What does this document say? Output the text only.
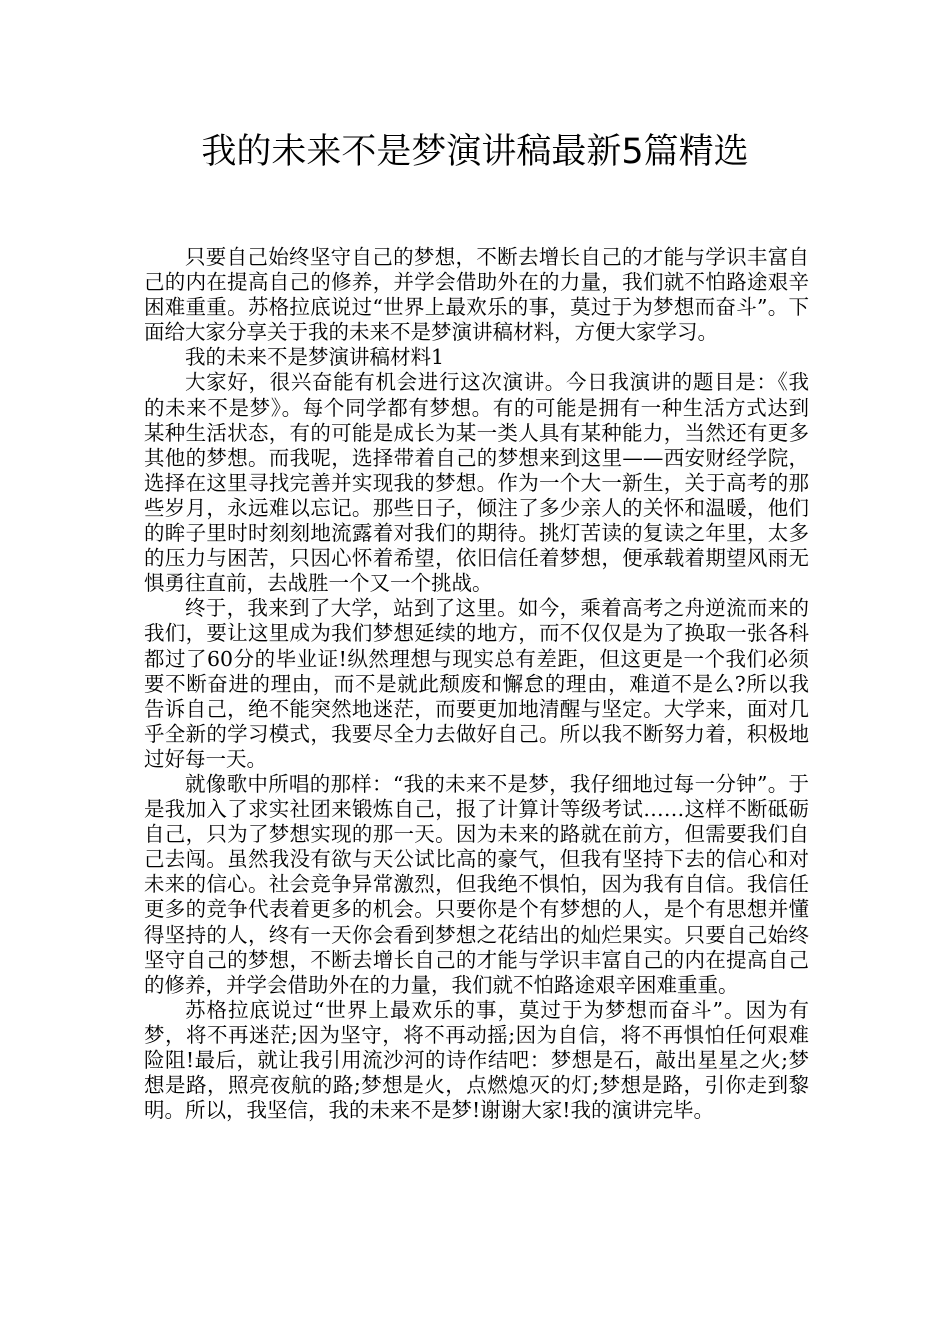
我的未来不是梦演讲稿最新5篇精选

只要自己始终坚守自己的梦想，不断去增长自己的才能与学识丰富自己的内在提高自己的修养，并学会借助外在的力量，我们就不怕路途艰辛困难重重。苏格拉底说过“世界上最欢乐的事，莫过于为梦想而奋斗”。下面给大家分享关于我的未来不是梦演讲稿材料，方便大家学习。

我的未来不是梦演讲稿材料1

大家好，很兴奋能有机会进行这次演讲。今日我演讲的题目是：《我的未来不是梦》。每个同学都有梦想。有的可能是拥有一种生活方式达到某种生活状态，有的可能是成长为某一类人具有某种能力，当然还有更多其他的梦想。而我呢，选择带着自己的梦想来到这里——西安财经学院，选择在这里寻找完善并实现我的梦想。作为一个大一新生，关于高考的那些岁月，永远难以忘记。那些日子，倾注了多少亲人的关怀和温暖，他们的眸子里时时刻刻地流露着对我们的期待。挑灯苦读的复读之年里，太多的压力与困苦，只因心怀着希望，依旧信任着梦想，便承载着期望风雨无惧勇往直前，去战胜一个又一个挑战。

终于，我来到了大学，站到了这里。如今，乘着高考之舟逆流而来的我们，要让这里成为我们梦想延续的地方，而不仅仅是为了换取一张各科都过了60分的毕业证!纵然理想与现实总有差距，但这更是一个我们必须要不断奋进的理由，而不是就此颓废和懈怠的理由，难道不是么?所以我告诉自己，绝不能突然地迷茫，而要更加地清醒与坚定。大学来，面对几乎全新的学习模式，我要尽全力去做好自己。所以我不断努力着，积极地过好每一天。

就像歌中所唱的那样：“我的未来不是梦，我仔细地过每一分钟”。于是我加入了求实社团来锻炼自己，报了计算计等级考试……这样不断砥砺自己，只为了梦想实现的那一天。因为未来的路就在前方，但需要我们自己去闯。虽然我没有欲与天公试比高的豪气，但我有坚持下去的信心和对未来的信心。社会竞争异常激烈，但我绝不惧怕，因为我有自信。我信任更多的竞争代表着更多的机会。只要你是个有梦想的人，是个有思想并懂得坚持的人，终有一天你会看到梦想之花结出的灿烂果实。只要自己始终坚守自己的梦想，不断去增长自己的才能与学识丰富自己的内在提高自己的修养，并学会借助外在的力量，我们就不怕路途艰辛困难重重。

苏格拉底说过“世界上最欢乐的事，莫过于为梦想而奋斗”。因为有梦，将不再迷茫;因为坚守，将不再动摇;因为自信，将不再惧怕任何艰难险阻!最后，就让我引用流沙河的诗作结吧：梦想是石，敲出星星之火;梦想是路，照亮夜航的路;梦想是火，点燃熄灭的灯;梦想是路，引你走到黎明。所以，我坚信，我的未来不是梦!谢谢大家!我的演讲完毕。
